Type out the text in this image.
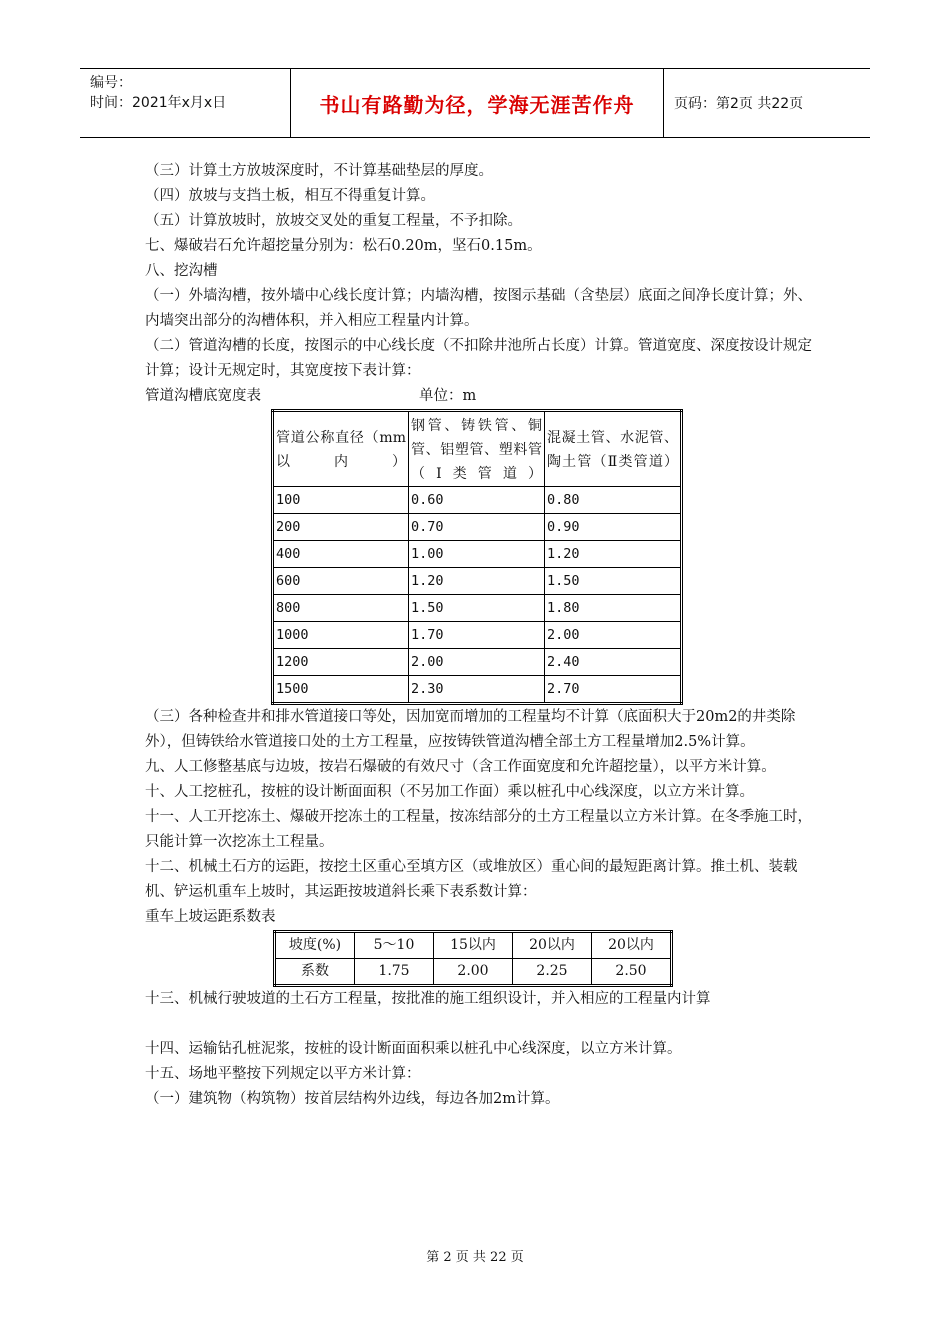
编号：
时间：2021年x月x日	书山有路勤为径，学海无涯苦作舟	页码：第2页 共22页

（三）计算土方放坡深度时，不计算基础垫层的厚度。

（四）放坡与支挡土板，相互不得重复计算。

（五）计算放坡时，放坡交叉处的重复工程量，不予扣除。

七、爆破岩石允许超挖量分别为：松石0.20m，坚石0.15m。

八、挖沟槽

（一）外墙沟槽，按外墙中心线长度计算；内墙沟槽，按图示基础（含垫层）底面之间净长度计算；外、内墙突出部分的沟槽体积，并入相应工程量内计算。

（二）管道沟槽的长度，按图示的中心线长度（不扣除井池所占长度）计算。管道宽度、深度按设计规定计算；设计无规定时，其宽度按下表计算：

管道沟槽底宽度表	单位：m
管道公称直径（mm以内）	钢管、铸铁管、铜管、铝塑管、塑料管（Ⅰ类管道）	混凝土管、水泥管、陶土管（Ⅱ类管道）
100	0.60	0.80
200	0.70	0.90
400	1.00	1.20
600	1.20	1.50
800	1.50	1.80
1000	1.70	2.00
1200	2.00	2.40
1500	2.30	2.70

（三）各种检查井和排水管道接口等处，因加宽而增加的工程量均不计算（底面积大于20m2的井类除外），但铸铁给水管道接口处的土方工程量，应按铸铁管道沟槽全部土方工程量增加2.5%计算。

九、人工修整基底与边坡，按岩石爆破的有效尺寸（含工作面宽度和允许超挖量），以平方米计算。

十、人工挖桩孔，按桩的设计断面面积（不另加工作面）乘以桩孔中心线深度，以立方米计算。

十一、人工开挖冻土、爆破开挖冻土的工程量，按冻结部分的土方工程量以立方米计算。在冬季施工时，只能计算一次挖冻土工程量。

十二、机械土石方的运距，按挖土区重心至填方区（或堆放区）重心间的最短距离计算。推土机、装载机、铲运机重车上坡时，其运距按坡道斜长乘下表系数计算：

重车上坡运距系数表

坡度(%)	5～10	15以内	20以内	20以内
系数	1.75	2.00	2.25	2.50

十三、机械行驶坡道的土石方工程量，按批准的施工组织设计，并入相应的工程量内计算

十四、运输钻孔桩泥浆，按桩的设计断面面积乘以桩孔中心线深度，以立方米计算。

十五、场地平整按下列规定以平方米计算：

（一）建筑物（构筑物）按首层结构外边线，每边各加2m计算。

第 2 页 共 22 页
